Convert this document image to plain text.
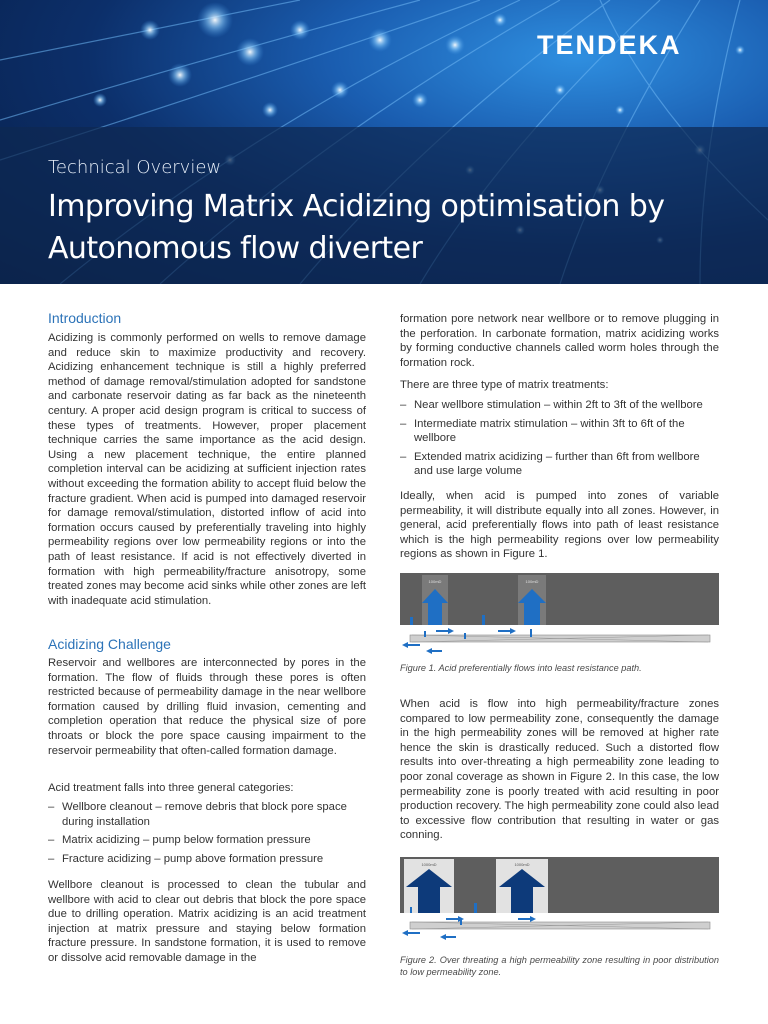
TENDEKA
Technical Overview
Improving Matrix Acidizing optimisation by Autonomous flow diverter
Introduction

Acidizing is commonly performed on wells to remove damage and reduce skin to maximize productivity and recovery. Acidizing enhancement technique is still a highly preferred method of damage removal/stimulation adopted for sandstone and carbonate reservoir dating as far back as the nineteenth century. A proper acid design program is critical to success of these types of treatments. However, proper placement technique carries the same importance as the acid design. Using a new placement technique, the entire planned completion interval can be acidizing at sufficient injection rates without exceeding the formation ability to accept fluid below the fracture gradient. When acid is pumped into damaged reservoir for damage removal/stimulation, distorted inflow of acid into formation occurs caused by preferentially traveling into highly permeability regions over low permeability regions or into the path of least resistance. If acid is not effectively diverted in formation with high permeability/fracture anisotropy, some treated zones may become acid sinks while other zones are left with inadequate acid stimulation.

Acidizing Challenge

Reservoir and wellbores are interconnected by pores in the formation. The flow of fluids through these pores is often restricted because of permeability damage in the near wellbore formation caused by drilling fluid invasion, cementing and completion operation that reduce the physical size of pore throats or block the pore space causing impairment to the reservoir permeability that often-called formation damage.

Acid treatment falls into three general categories:

– Wellbore cleanout – remove debris that block pore space during installation
– Matrix acidizing – pump below formation pressure
– Fracture acidizing – pump above formation pressure

Wellbore cleanout is processed to clean the tubular and wellbore with acid to clear out debris that block the pore space due to drilling operation. Matrix acidizing is an acid treatment injection at matrix pressure and staying below formation fracture pressure. In sandstone formation, it is used to remove or dissolve acid removable damage in the

formation pore network near wellbore or to remove plugging in the perforation. In carbonate formation, matrix acidizing works by forming conductive channels called worm holes through the formation rock.

There are three type of matrix treatments:

– Near wellbore stimulation – within 2ft to 3ft of the wellbore
– Intermediate matrix stimulation – within 3ft to 6ft of the wellbore
– Extended matrix acidizing – further than 6ft from wellbore and use large volume

Ideally, when acid is pumped into zones of variable permeability, it will distribute equally into all zones. However, in general, acid preferentially flows into path of least resistance which is the high permeability regions over low permeability regions as shown in Figure 1.

100mD	100mD

Figure 1. Acid preferentially flows into least resistance path.

When acid is flow into high permeability/fracture zones compared to low permeability zone, consequently the damage in the high permeability zones will be removed at higher rate hence the skin is drastically reduced. Such a distorted flow results into over-threating a high permeability zone leading to poor zonal coverage as shown in Figure 2. In this case, the low permeability zone is poorly treated with acid resulting in poor production recovery. The high permeability zone could also lead to excessive flow contribution that resulting in water or gas conning.

1000mD	1000mD

Figure 2. Over threating a high permeability zone resulting in poor distribution to low permeability zone.
